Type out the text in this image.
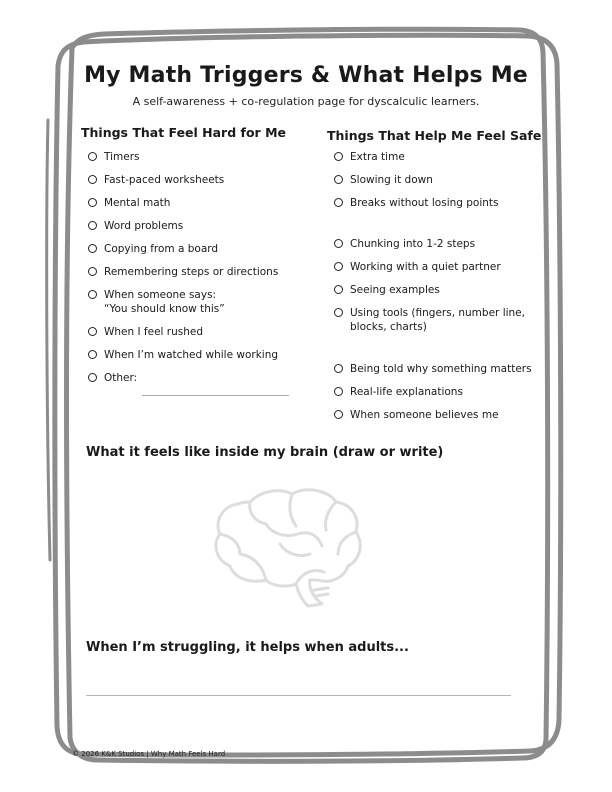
My Math Triggers & What Helps Me
A self-awareness + co-regulation page for dyscalculic learners.
Things That Feel Hard for Me
Timers
Fast-paced worksheets
Mental math
Word problems
Copying from a board
Remembering steps or directions
When someone says:
“You should know this”
When I feel rushed
When I’m watched while working
Other:
Things That Help Me Feel Safe
Extra time
Slowing it down
Breaks without losing points
Chunking into 1-2 steps
Working with a quiet partner
Seeing examples
Using tools (fingers, number line,
blocks, charts)
Being told why something matters
Real-life explanations
When someone believes me
What it feels like inside my brain (draw or write)
When I’m struggling, it helps when adults...
© 2026 K&K Studios | Why Math Feels Hard
